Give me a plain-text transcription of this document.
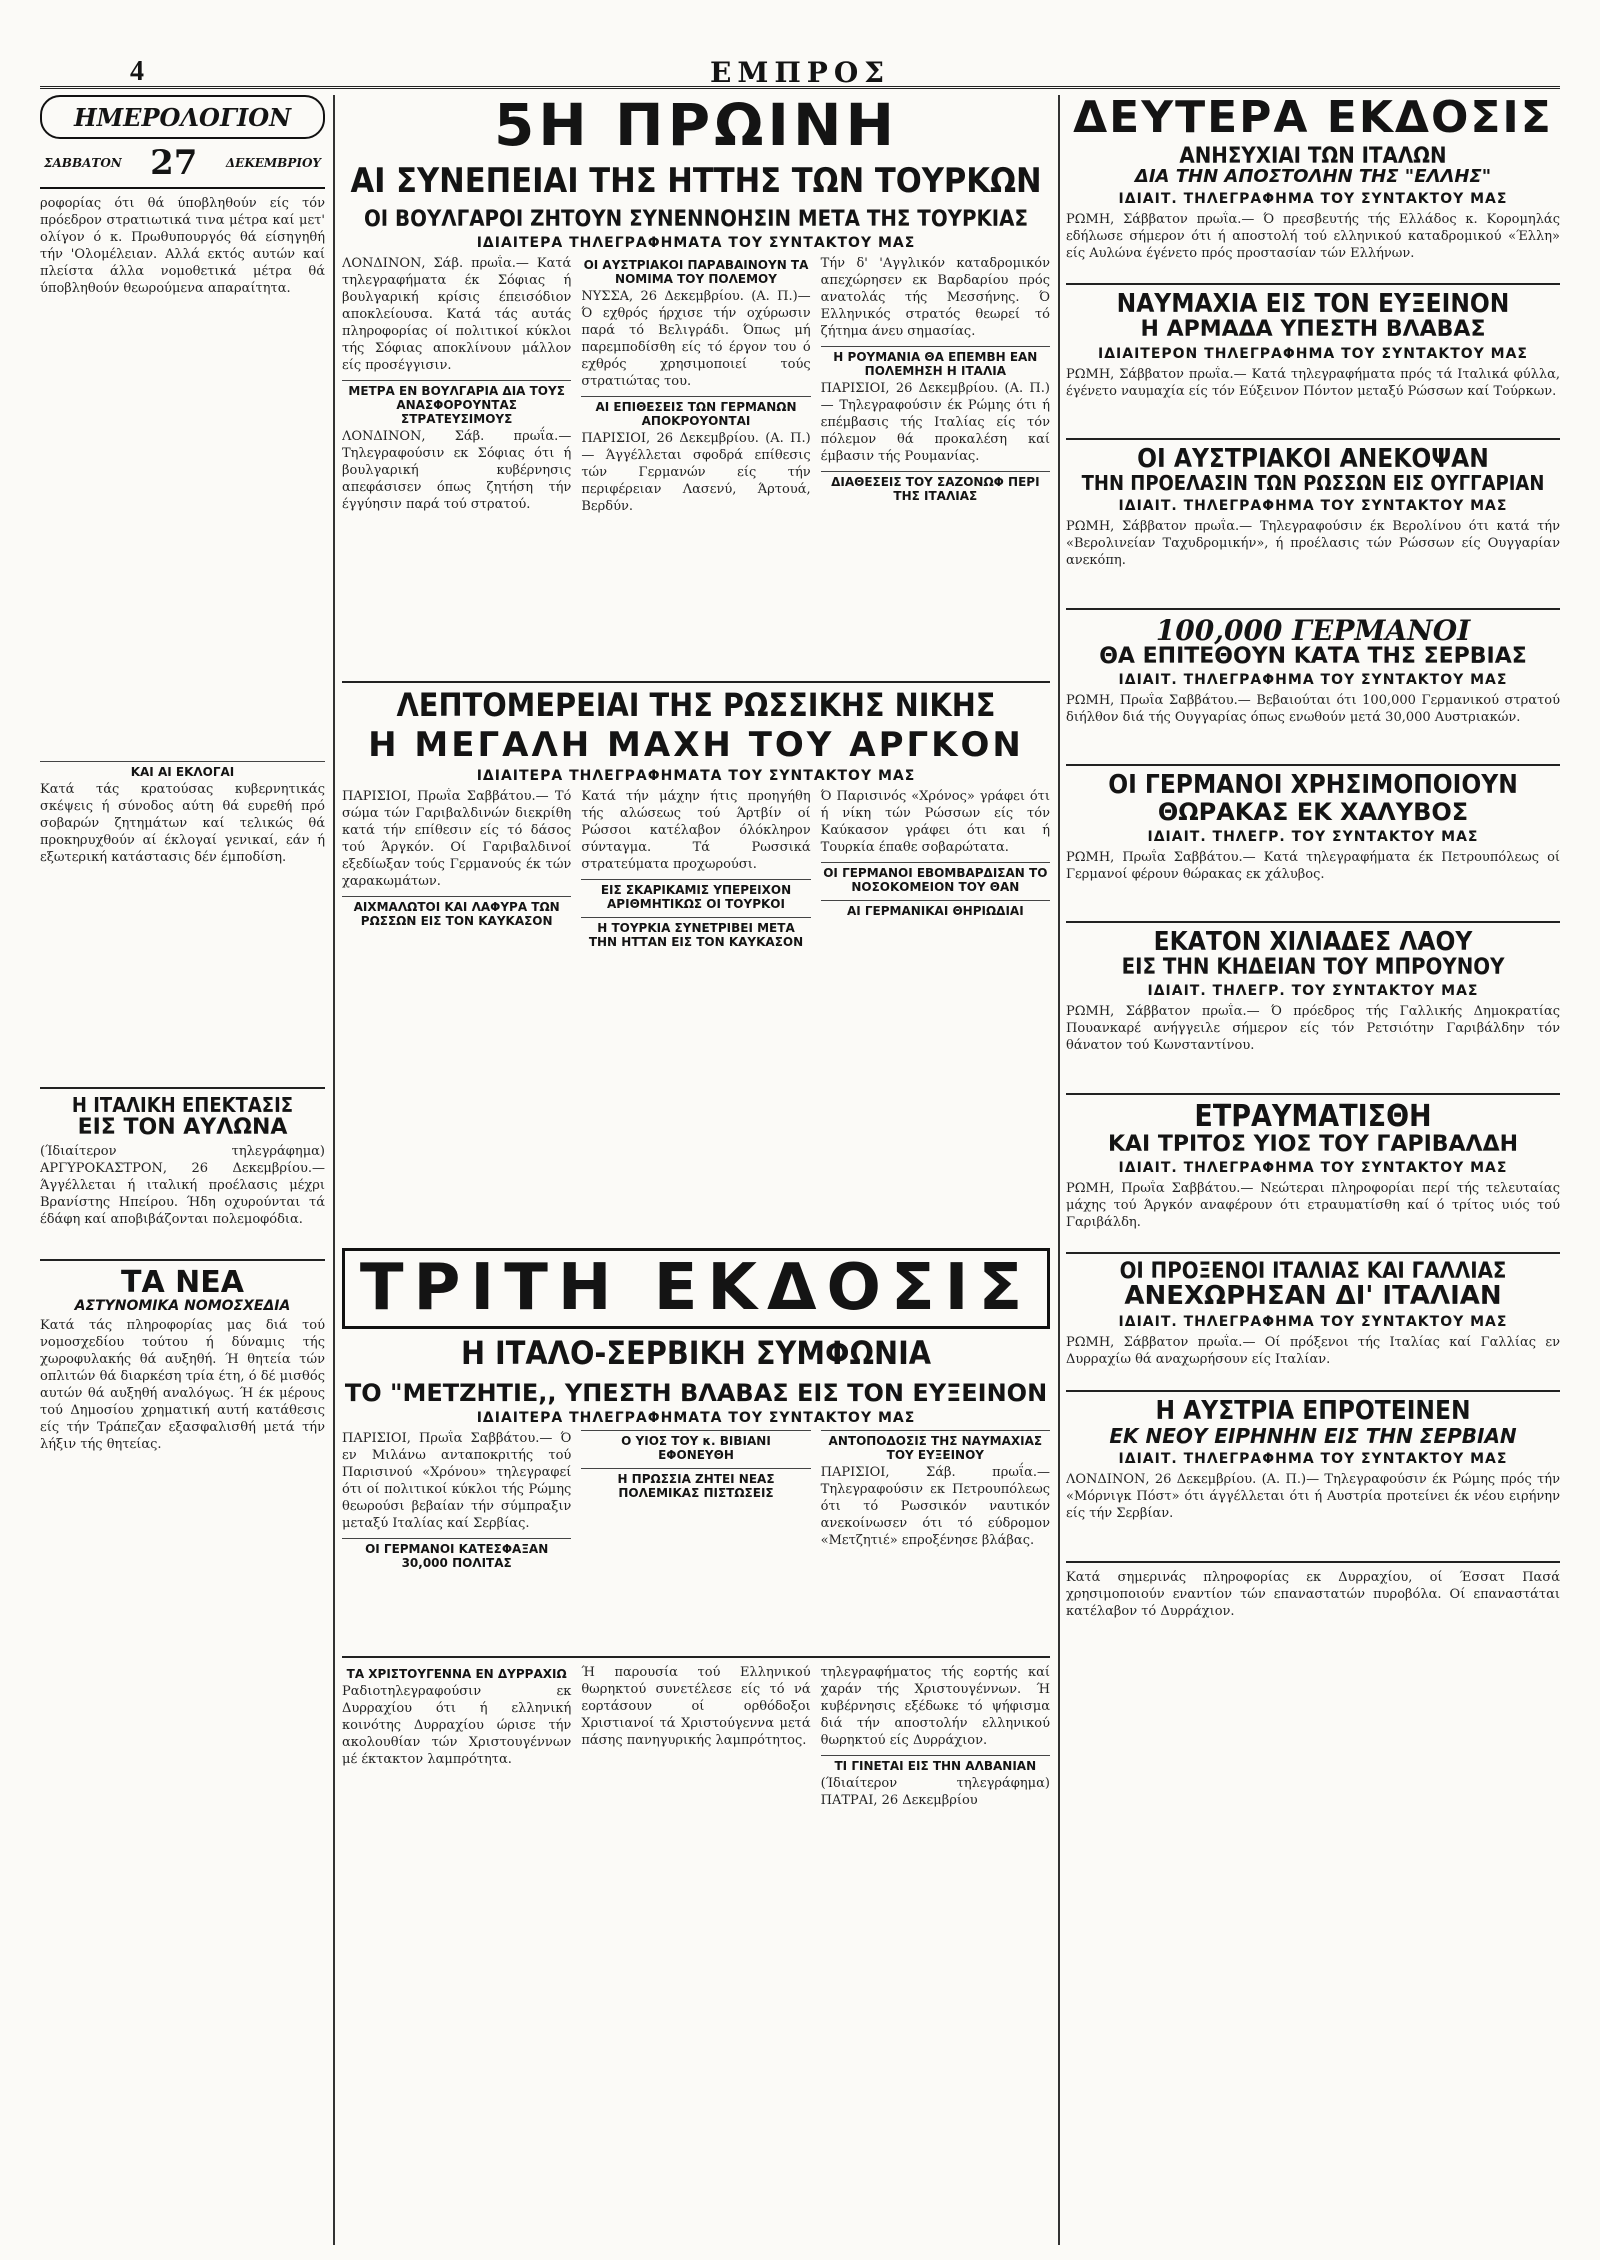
4	ΕΜΠΡΟΣ
ΗΜΕΡΟΛΟΓΙΟΝ
ΣΑΒΒΑΤΟΝ 27 ΔΕΚΕΜΒΡΙΟΥ

ροφορίας ότι θά ύποβληθούν είς τόν πρόεδρον στρατιωτικά τινα μέτρα καί μετ' ολίγον ό κ. Πρωθυπουργός θά είσηγηθή τήν 'Ολομέλειαν. Αλλά εκτός αυτών καί πλείστα άλλα νομοθετικά μέτρα θά ύποβληθούν θεωρούμενα απαραίτητα.

ΚΑΙ ΑΙ ΕΚΛΟΓΑΙ

Κατά τάς κρατούσας κυβερνητικάς σκέψεις ή σύνοδος αύτη θά ευρεθή πρό σοβαρών ζητημάτων καί τελικώς θά προκηρυχθούν αί έκλογαί γενικαί, εάν ή εξωτερική κατάστασις δέν έμποδίση.

Η ΙΤΑΛΙΚΗ ΕΠΕΚΤΑΣΙΣ
ΕΙΣ ΤΟΝ ΑΥΛΩΝΑ

(Ίδιαίτερον τηλεγράφημα) ΑΡΓΥΡΟΚΑΣΤΡΟΝ, 26 Δεκεμβρίου.— Άγγέλλεται ή ιταλική προέλασις μέχρι Βρανίστης Ηπείρου. Ήδη οχυρούνται τά έδάφη καί αποβιβάζονται πολεμοφόδια.

ΤΑ ΝΕΑ
ΑΣΤΥΝΟΜΙΚΑ ΝΟΜΟΣΧΕΔΙΑ

Κατά τάς πληροφορίας μας διά τού νομοσχεδίου τούτου ή δύναμις τής χωροφυλακής θά αυξηθή. Ή θητεία τών οπλιτών θά διαρκέση τρία έτη, ό δέ μισθός αυτών θά αυξηθή αναλόγως. Ή έκ μέρους τού Δημοσίου χρηματική αυτή κατάθεσις είς τήν Τράπεζαν εξασφαλισθή μετά τήν λήξιν τής θητείας.

5Η ΠΡΩΙΝΗ
ΑΙ ΣΥΝΕΠΕΙΑΙ ΤΗΣ ΗΤΤΗΣ ΤΩΝ ΤΟΥΡΚΩΝ
ΟΙ ΒΟΥΛΓΑΡΟΙ ΖΗΤΟΥΝ ΣΥΝΕΝΝΟΗΣΙΝ ΜΕΤΑ ΤΗΣ ΤΟΥΡΚΙΑΣ
ΙΔΙΑΙΤΕΡΑ ΤΗΛΕΓΡΑΦΗΜΑΤΑ ΤΟΥ ΣΥΝΤΑΚΤΟΥ ΜΑΣ

ΛΟΝΔΙΝΟΝ, Σάβ. πρωΐα.— Κατά τηλεγραφήματα έκ Σόφιας ή βουλγαρική κρίσις έπεισόδιον αποκλείουσα. Κατά τάς αυτάς πληροφορίας οί πολιτικοί κύκλοι τής Σόφιας αποκλίνουν μάλλον είς προσέγγισιν.

ΜΕΤΡΑ ΕΝ ΒΟΥΛΓΑΡΙΑ ΔΙΑ ΤΟΥΣ ΑΝΑΣΦΟΡΟΥΝΤΑΣ ΣΤΡΑΤΕΥΣΙΜΟΥΣ

ΛΟΝΔΙΝΟΝ, Σάβ. πρωΐα.— Τηλεγραφούσιν εκ Σόφιας ότι ή βουλγαρική κυβέρνησις απεφάσισεν όπως ζητήση τήν έγγύησιν παρά τού στρατού.

ΟΙ ΑΥΣΤΡΙΑΚΟΙ ΠΑΡΑΒΑΙΝΟΥΝ ΤΑ ΝΟΜΙΜΑ ΤΟΥ ΠΟΛΕΜΟΥ

ΝΥΣΣΑ, 26 Δεκεμβρίου. (Α. Π.)— Ό εχθρός ήρχισε τήν οχύρωσιν παρά τό Βελιγράδι. Όπως μή παρεμποδίσθη είς τό έργον του ό εχθρός χρησιμοποιεί τούς στρατιώτας του.

ΑΙ ΕΠΙΘΕΣΕΙΣ ΤΩΝ ΓΕΡΜΑΝΩΝ ΑΠΟΚΡΟΥΟΝΤΑΙ

ΠΑΡΙΣΙΟΙ, 26 Δεκεμβρίου. (Α. Π.)— Άγγέλλεται σφοδρά επίθεσις τών Γερμανών είς τήν περιφέρειαν Λασενύ, Άρτουά, Βερδύν.

Τήν δ' 'Αγγλικόν καταδρομικόν απεχώρησεν εκ Βαρδαρίου πρός ανατολάς τής Μεσσήνης. Ό Ελληνικός στρατός θεωρεί τό ζήτημα άνευ σημασίας.

Η ΡΟΥΜΑΝΙΑ ΘΑ ΕΠΕΜΒΗ ΕΑΝ ΠΟΛΕΜΗΣΗ Η ΙΤΑΛΙΑ

ΠΑΡΙΣΙΟΙ, 26 Δεκεμβρίου. (Α. Π.)— Τηλεγραφούσιν έκ Ρώμης ότι ή επέμβασις τής Ιταλίας είς τόν πόλεμον θά προκαλέση καί έμβασιν τής Ρουμανίας.

ΔΙΑΘΕΣΕΙΣ ΤΟΥ ΣΑΖΟΝΩΦ ΠΕΡΙ ΤΗΣ ΙΤΑΛΙΑΣ
ΛΕΠΤΟΜΕΡΕΙΑΙ ΤΗΣ ΡΩΣΣΙΚΗΣ ΝΙΚΗΣ
Η ΜΕΓΑΛΗ ΜΑΧΗ ΤΟΥ ΑΡΓΚΟΝ
ΙΔΙΑΙΤΕΡΑ ΤΗΛΕΓΡΑΦΗΜΑΤΑ ΤΟΥ ΣΥΝΤΑΚΤΟΥ ΜΑΣ

ΠΑΡΙΣΙΟΙ, Πρωΐα Σαββάτου.— Τό σώμα τών Γαριβαλδινών διεκρίθη κατά τήν επίθεσιν είς τό δάσος τού Άργκόν. Οί Γαριβαλδινοί εξεδίωξαν τούς Γερμανούς έκ τών χαρακωμάτων.

ΑΙΧΜΑΛΩΤΟΙ ΚΑΙ ΛΑΦΥΡΑ ΤΩΝ ΡΩΣΣΩΝ ΕΙΣ ΤΟΝ ΚΑΥΚΑΣΟΝ

Κατά τήν μάχην ήτις προηγήθη τής αλώσεως τού Άρτβίν οί Ρώσσοι κατέλαβον όλόκληρον σύνταγμα. Τά Ρωσσικά στρατεύματα προχωρούσι.

ΕΙΣ ΣΚΑΡΙΚΑΜΙΣ ΥΠΕΡΕΙΧΟΝ ΑΡΙΘΜΗΤΙΚΩΣ ΟΙ ΤΟΥΡΚΟΙ
Η ΤΟΥΡΚΙΑ ΣΥΝΕΤΡΙΒΕΙ ΜΕΤΑ ΤΗΝ ΗΤΤΑΝ ΕΙΣ ΤΟΝ ΚΑΥΚΑΣΟΝ

Ό Παρισινός «Χρόνος» γράφει ότι ή νίκη τών Ρώσσων είς τόν Καύκασον γράφει ότι και ή Τουρκία έπαθε σοβαρώτατα.

ΟΙ ΓΕΡΜΑΝΟΙ ΕΒΟΜΒΑΡΔΙΣΑΝ ΤΟ ΝΟΣΟΚΟΜΕΙΟΝ ΤΟΥ ΘΑΝ
ΑΙ ΓΕΡΜΑΝΙΚΑΙ ΘΗΡΙΩΔΙΑΙ
ΤΡΙΤΗ ΕΚΔΟΣΙΣ
Η ΙΤΑΛΟ-ΣΕΡΒΙΚΗ ΣΥΜΦΩΝΙΑ
ΤΟ "ΜΕΤΖΗΤΙΕ,, ΥΠΕΣΤΗ ΒΛΑΒΑΣ ΕΙΣ ΤΟΝ ΕΥΞΕΙΝΟΝ
ΙΔΙΑΙΤΕΡΑ ΤΗΛΕΓΡΑΦΗΜΑΤΑ ΤΟΥ ΣΥΝΤΑΚΤΟΥ ΜΑΣ

ΠΑΡΙΣΙΟΙ, Πρωΐα Σαββάτου.— Ό εν Μιλάνω ανταποκριτής τού Παρισινού «Χρόνου» τηλεγραφεί ότι οί πολιτικοί κύκλοι τής Ρώμης θεωρούσι βεβαίαν τήν σύμπραξιν μεταξύ Ιταλίας καί Σερβίας.

ΟΙ ΓΕΡΜΑΝΟΙ ΚΑΤΕΣΦΑΞΑΝ 30,000 ΠΟΛΙΤΑΣ
Ο ΥΙΟΣ ΤΟΥ κ. ΒΙΒΙΑΝΙ ΕΦΟΝΕΥΘΗ
Η ΠΡΩΣΣΙΑ ΖΗΤΕΙ ΝΕΑΣ ΠΟΛΕΜΙΚΑΣ ΠΙΣΤΩΣΕΙΣ
ΑΝΤΟΠΟΔΟΣΙΣ ΤΗΣ ΝΑΥΜΑΧΙΑΣ ΤΟΥ ΕΥΞΕΙΝΟΥ

ΠΑΡΙΣΙΟΙ, Σάβ. πρωΐα.— Τηλεγραφούσιν εκ Πετρουπόλεως ότι τό Ρωσσικόν ναυτικόν ανεκοίνωσεν ότι τό εύδρομον «Μετζητιέ» επροξένησε βλάβας.

ΤΑ ΧΡΙΣΤΟΥΓΕΝΝΑ ΕΝ ΔΥΡΡΑΧΙΩ

Ραδιοτηλεγραφούσιν εκ Δυρραχίου ότι ή ελληνική κοινότης Δυρραχίου ώρισε τήν ακολουθίαν τών Χριστουγέννων μέ έκτακτον λαμπρότητα.

Ή παρουσία τού Ελληνικού θωρηκτού συνετέλεσε είς τό νά εορτάσουν οί ορθόδοξοι Χριστιανοί τά Χριστούγεννα μετά πάσης πανηγυρικής λαμπρότητος.

τηλεγραφήματος τής εορτής καί χαράν τής Χριστουγέννων. Ή κυβέρνησις εξέδωκε τό ψήφισμα διά τήν αποστολήν ελληνικού θωρηκτού είς Δυρράχιον.

ΤΙ ΓΙΝΕΤΑΙ ΕΙΣ ΤΗΝ ΑΛΒΑΝΙΑΝ

(Ίδιαίτερον τηλεγράφημα) ΠΑΤΡΑΙ, 26 Δεκεμβρίου

ΔΕΥΤΕΡΑ ΕΚΔΟΣΙΣ
ΑΝΗΣΥΧΙΑΙ ΤΩΝ ΙΤΑΛΩΝ
ΔΙΑ ΤΗΝ ΑΠΟΣΤΟΛΗΝ ΤΗΣ "ΕΛΛΗΣ"
ΙΔΙΑΙΤ. ΤΗΛΕΓΡΑΦΗΜΑ ΤΟΥ ΣΥΝΤΑΚΤΟΥ ΜΑΣ

ΡΩΜΗ, Σάββατον πρωΐα.— Ό πρεσβευτής τής Ελλάδος κ. Κορομηλάς εδήλωσε σήμερον ότι ή αποστολή τού ελληνικού καταδρομικού «Έλλη» είς Αυλώνα έγένετο πρός προστασίαν τών Ελλήνων.

ΝΑΥΜΑΧΙΑ ΕΙΣ ΤΟΝ ΕΥΞΕΙΝΟΝ
Η ΑΡΜΑΔΑ ΥΠΕΣΤΗ ΒΛΑΒΑΣ
ΙΔΙΑΙΤΕΡΟΝ ΤΗΛΕΓΡΑΦΗΜΑ ΤΟΥ ΣΥΝΤΑΚΤΟΥ ΜΑΣ

ΡΩΜΗ, Σάββατον πρωΐα.— Κατά τηλεγραφήματα πρός τά Ιταλικά φύλλα, έγένετο ναυμαχία είς τόν Εύξεινον Πόντον μεταξύ Ρώσσων καί Τούρκων.

ΟΙ ΑΥΣΤΡΙΑΚΟΙ ΑΝΕΚΟΨΑΝ
ΤΗΝ ΠΡΟΕΛΑΣΙΝ ΤΩΝ ΡΩΣΣΩΝ ΕΙΣ ΟΥΓΓΑΡΙΑΝ
ΙΔΙΑΙΤ. ΤΗΛΕΓΡΑΦΗΜΑ ΤΟΥ ΣΥΝΤΑΚΤΟΥ ΜΑΣ

ΡΩΜΗ, Σάββατον πρωΐα.— Τηλεγραφούσιν έκ Βερολίνου ότι κατά τήν «Βερολινείαν Ταχυδρομικήν», ή προέλασις τών Ρώσσων είς Ουγγαρίαν ανεκόπη.

100,000 ΓΕΡΜΑΝΟΙ
ΘΑ ΕΠΙΤΕΘΟΥΝ ΚΑΤΑ ΤΗΣ ΣΕΡΒΙΑΣ
ΙΔΙΑΙΤ. ΤΗΛΕΓΡΑΦΗΜΑ ΤΟΥ ΣΥΝΤΑΚΤΟΥ ΜΑΣ

ΡΩΜΗ, Πρωΐα Σαββάτου.— Βεβαιούται ότι 100,000 Γερμανικού στρατού διήλθον διά τής Ουγγαρίας όπως ενωθούν μετά 30,000 Αυστριακών.

ΟΙ ΓΕΡΜΑΝΟΙ ΧΡΗΣΙΜΟΠΟΙΟΥΝ
ΘΩΡΑΚΑΣ ΕΚ ΧΑΛΥΒΟΣ
ΙΔΙΑΙΤ. ΤΗΛΕΓΡ. ΤΟΥ ΣΥΝΤΑΚΤΟΥ ΜΑΣ

ΡΩΜΗ, Πρωΐα Σαββάτου.— Κατά τηλεγραφήματα έκ Πετρουπόλεως οί Γερμανοί φέρουν θώρακας εκ χάλυβος.

ΕΚΑΤΟΝ ΧΙΛΙΑΔΕΣ ΛΑΟΥ
ΕΙΣ ΤΗΝ ΚΗΔΕΙΑΝ ΤΟΥ ΜΠΡΟΥΝΟΥ
ΙΔΙΑΙΤ. ΤΗΛΕΓΡ. ΤΟΥ ΣΥΝΤΑΚΤΟΥ ΜΑΣ

ΡΩΜΗ, Σάββατον πρωΐα.— Ό πρόεδρος τής Γαλλικής Δημοκρατίας Πουανκαρέ ανήγγειλε σήμερον είς τόν Ρετσιότην Γαριβάλδην τόν θάνατον τού Κωνσταντίνου.

ΕΤΡΑΥΜΑΤΙΣΘΗ
ΚΑΙ ΤΡΙΤΟΣ ΥΙΟΣ ΤΟΥ ΓΑΡΙΒΑΛΔΗ
ΙΔΙΑΙΤ. ΤΗΛΕΓΡΑΦΗΜΑ ΤΟΥ ΣΥΝΤΑΚΤΟΥ ΜΑΣ

ΡΩΜΗ, Πρωΐα Σαββάτου.— Νεώτεραι πληροφορίαι περί τής τελευταίας μάχης τού Άργκόν αναφέρουν ότι ετραυματίσθη καί ό τρίτος υιός τού Γαριβάλδη.

ΟΙ ΠΡΟΞΕΝΟΙ ΙΤΑΛΙΑΣ ΚΑΙ ΓΑΛΛΙΑΣ
ΑΝΕΧΩΡΗΣΑΝ ΔΙ' ΙΤΑΛΙΑΝ
ΙΔΙΑΙΤ. ΤΗΛΕΓΡΑΦΗΜΑ ΤΟΥ ΣΥΝΤΑΚΤΟΥ ΜΑΣ

ΡΩΜΗ, Σάββατον πρωΐα.— Οί πρόξενοι τής Ιταλίας καί Γαλλίας εν Δυρραχίω θά αναχωρήσουν είς Ιταλίαν.

Η ΑΥΣΤΡΙΑ ΕΠΡΟΤΕΙΝΕΝ
ΕΚ ΝΕΟΥ ΕΙΡΗΝΗΝ ΕΙΣ ΤΗΝ ΣΕΡΒΙΑΝ
ΙΔΙΑΙΤ. ΤΗΛΕΓΡΑΦΗΜΑ ΤΟΥ ΣΥΝΤΑΚΤΟΥ ΜΑΣ

ΛΟΝΔΙΝΟΝ, 26 Δεκεμβρίου. (Α. Π.)— Τηλεγραφούσιν έκ Ρώμης πρός τήν «Μόρνιγκ Πόστ» ότι άγγέλλεται ότι ή Αυστρία προτείνει έκ νέου ειρήνην είς τήν Σερβίαν.

Κατά σημερινάς πληροφορίας εκ Δυρραχίου, οί Έσσατ Πασά χρησιμοποιούν εναντίον τών επαναστατών πυροβόλα. Οί επαναστάται κατέλαβον τό Δυρράχιον.
